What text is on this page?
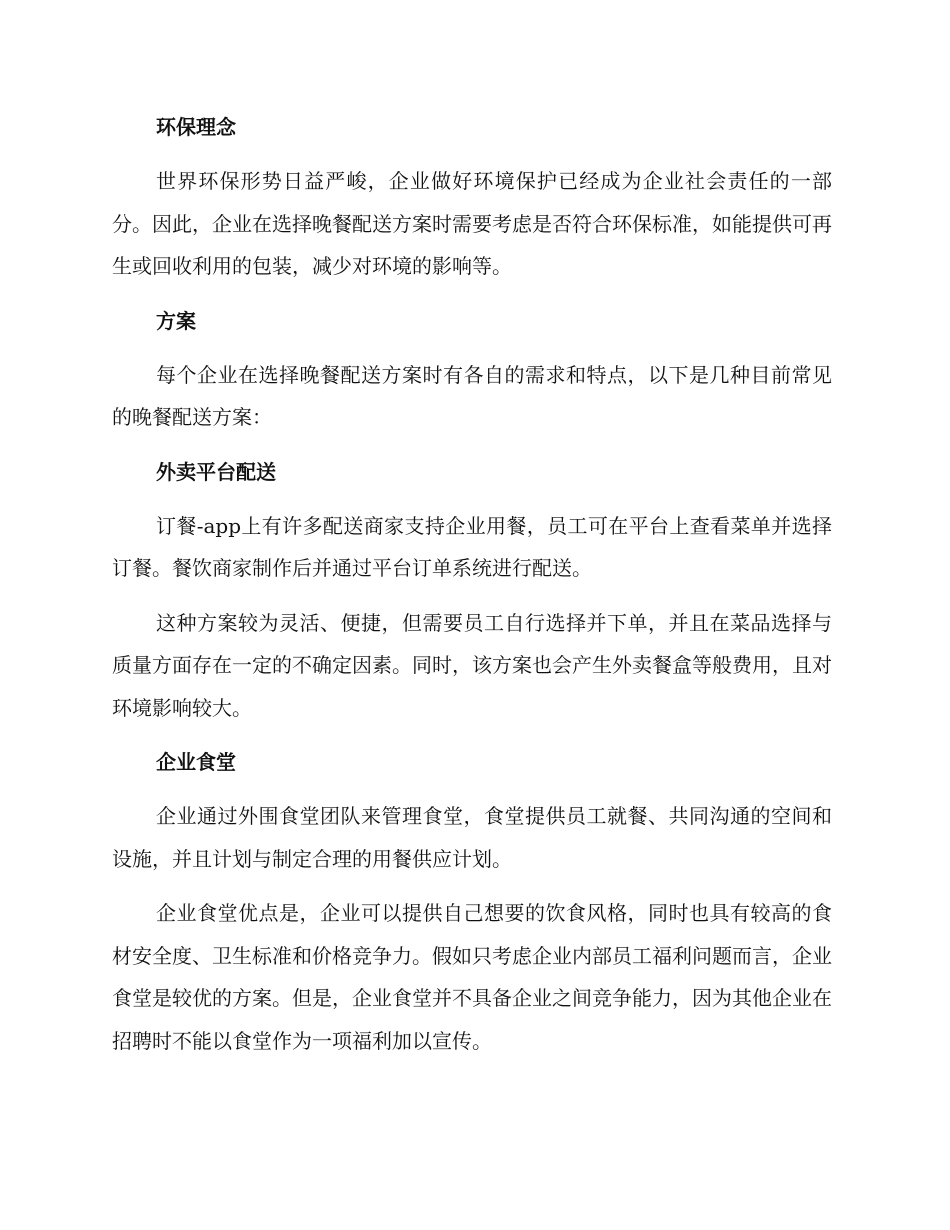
环保理念

世界环保形势日益严峻，企业做好环境保护已经成为企业社会责任的一部分。因此，企业在选择晚餐配送方案时需要考虑是否符合环保标准，如能提供可再生或回收利用的包装，减少对环境的影响等。

方案

每个企业在选择晚餐配送方案时有各自的需求和特点，以下是几种目前常见的晚餐配送方案：

外卖平台配送

订餐-app上有许多配送商家支持企业用餐，员工可在平台上查看菜单并选择订餐。餐饮商家制作后并通过平台订单系统进行配送。

这种方案较为灵活、便捷，但需要员工自行选择并下单，并且在菜品选择与质量方面存在一定的不确定因素。同时，该方案也会产生外卖餐盒等般费用，且对环境影响较大。

企业食堂

企业通过外围食堂团队来管理食堂，食堂提供员工就餐、共同沟通的空间和设施，并且计划与制定合理的用餐供应计划。

企业食堂优点是，企业可以提供自己想要的饮食风格，同时也具有较高的食材安全度、卫生标准和价格竞争力。假如只考虑企业内部员工福利问题而言，企业食堂是较优的方案。但是，企业食堂并不具备企业之间竞争能力，因为其他企业在招聘时不能以食堂作为一项福利加以宣传。
